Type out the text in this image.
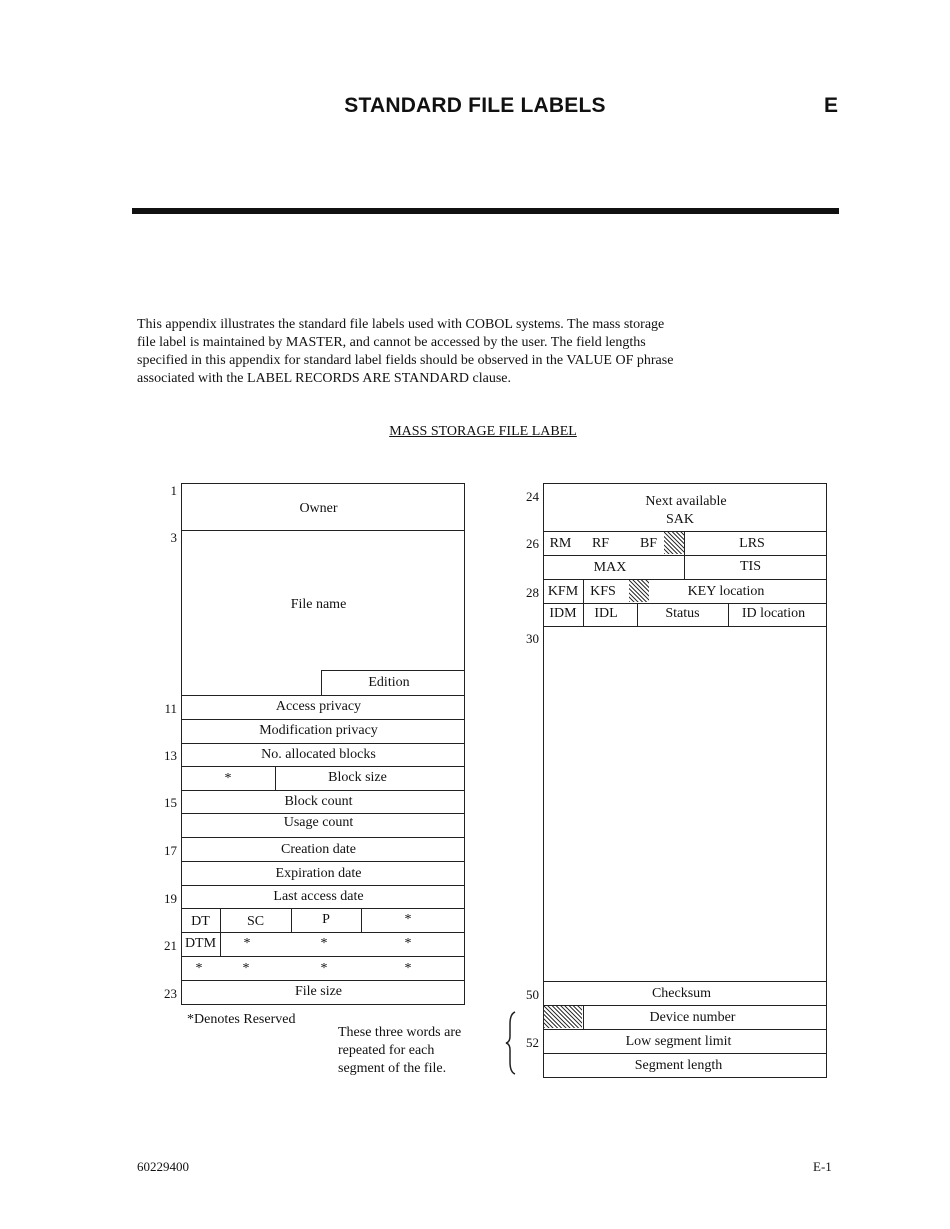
STANDARD FILE LABELS	E
This appendix illustrates the standard file labels used with COBOL systems. The mass storage
file label is maintained by MASTER, and cannot be accessed by the user. The field lengths
specified in this appendix for standard label fields should be observed in the VALUE OF phrase
associated with the LABEL RECORDS ARE STANDARD clause.
MASS STORAGE FILE LABEL
Owner
File name
Edition
Access privacy
Modification privacy
No. allocated blocks
*	Block size
Block count
Usage count
Creation date
Expiration date
Last access date
DT	SC	P	*
DTM	*	*	*
*	*	*	*
File size
1
3
11
13
15
17
19
21
23
*Denotes Reserved
These three words are
repeated for each
segment of the file.
Next available
SAK
RM	RF	BF	LRS
MAX	TIS
KFM KFS	KEY location
IDM	IDL	Status	ID location
Checksum
Device number
Low segment limit
Segment length
24
26
28
30
50
52
60229400	E-1
